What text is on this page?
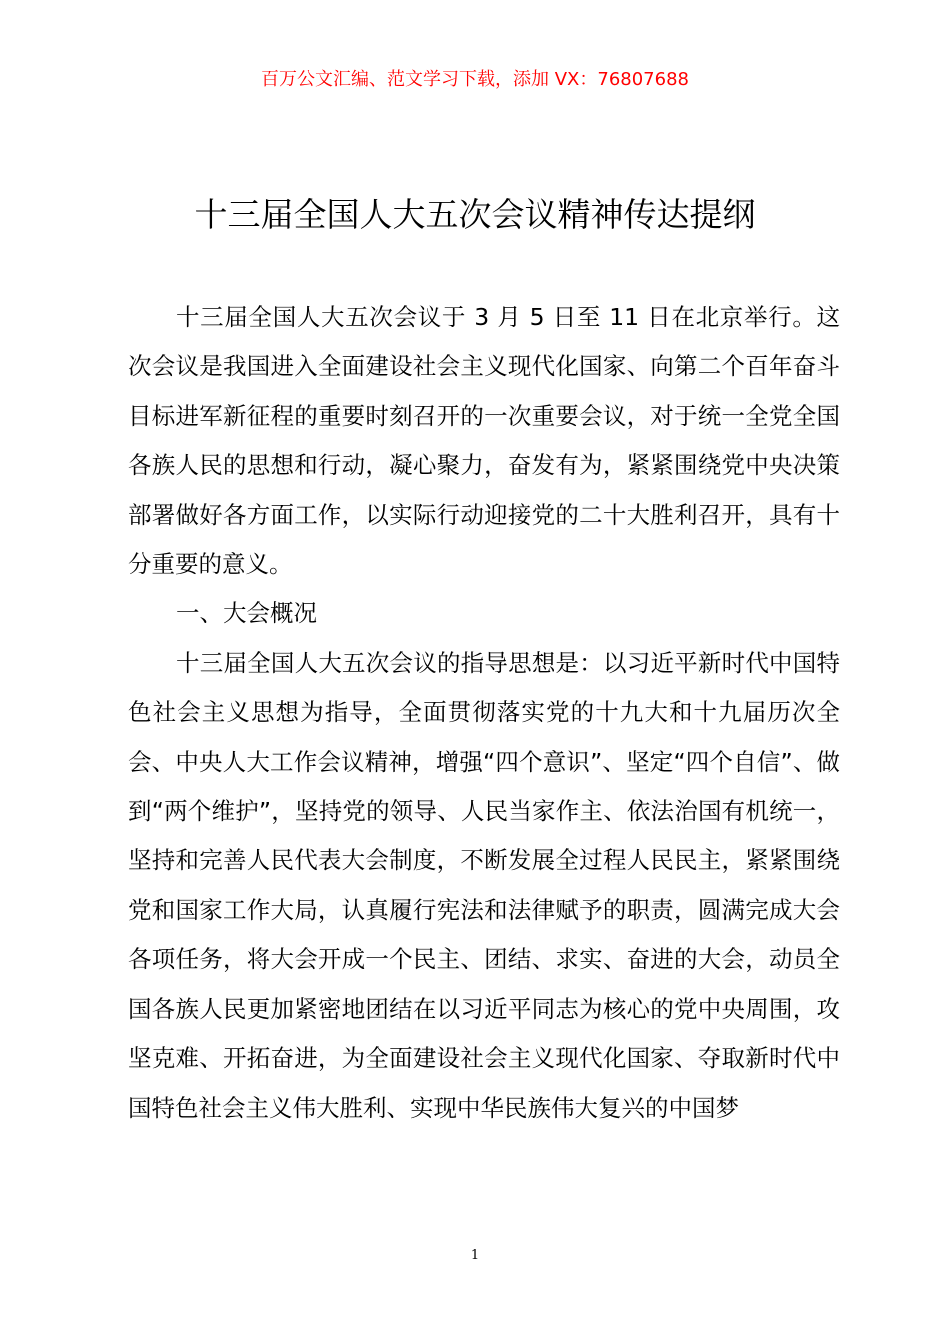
百万公文汇编、范文学习下载，添加 VX：76807688
十三届全国人大五次会议精神传达提纲

十三届全国人大五次会议于 3 月 5 日至 11 日在北京举行。这次会议是我国进入全面建设社会主义现代化国家、向第二个百年奋斗目标进军新征程的重要时刻召开的一次重要会议，对于统一全党全国各族人民的思想和行动，凝心聚力，奋发有为，紧紧围绕党中央决策部署做好各方面工作，以实际行动迎接党的二十大胜利召开，具有十分重要的意义。

一、大会概况

十三届全国人大五次会议的指导思想是：以习近平新时代中国特色社会主义思想为指导，全面贯彻落实党的十九大和十九届历次全会、中央人大工作会议精神，增强“四个意识”、坚定“四个自信”、做到“两个维护”，坚持党的领导、人民当家作主、依法治国有机统一，坚持和完善人民代表大会制度，不断发展全过程人民民主，紧紧围绕党和国家工作大局，认真履行宪法和法律赋予的职责，圆满完成大会各项任务，将大会开成一个民主、团结、求实、奋进的大会，动员全国各族人民更加紧密地团结在以习近平同志为核心的党中央周围，攻坚克难、开拓奋进，为全面建设社会主义现代化国家、夺取新时代中国特色社会主义伟大胜利、实现中华民族伟大复兴的中国梦

1
